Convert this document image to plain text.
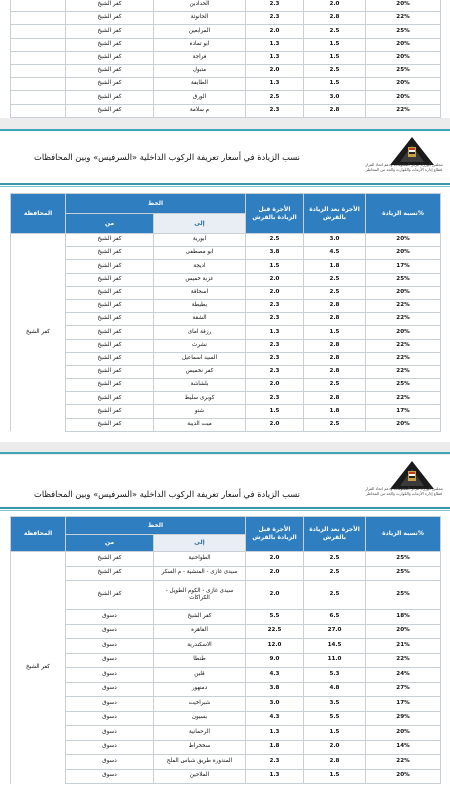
20%	2.0	2.3	الحدادين	كفر الشيخ	
22%	2.8	2.3	الحانوتة	كفر الشيخ	
25%	2.5	2.0	المرابعين	كفر الشيخ	
20%	1.5	1.3	ابو تمادة	كفر الشيخ	
20%	1.5	1.3	فراجة	كفر الشيخ	
25%	2.5	2.0	متبول	كفر الشيخ	
20%	1.5	1.3	الطايفة	كفر الشيخ	
20%	3.0	2.5	الورق	كفر الشيخ	
22%	2.8	2.3	م سلامة	كفر الشيخ	
مجلس الوزراء مركز المعلومات ودعم اتخاذ القرار قطاع إدارة الأزمات والكوارث والحد من المخاطر
نسب الزيادة في أسعار تعريفة الركوب الداخلية «السرفيس» وبين المحافظات
%نسبة الزيادة	الأجرة بعد الزيادة بالقرش	الأجرة قبل الزيادة بالقرش	الخط		المحافظة
			إلى	من	
20%	3.0	2.5	ابورية	كفر الشيخ	كفر الشيخ
20%	4.5	3.8	ابو مصطفى	كفر الشيخ	
17%	1.8	1.5	اديجة	كفر الشيخ	
25%	2.5	2.0	عزبة خميس	كفر الشيخ	
20%	2.5	2.0	اسحاقة	كفر الشيخ	
22%	2.8	2.3	بطيطة	كفر الشيخ	
22%	2.8	2.3	الشقة	كفر الشيخ	
20%	1.5	1.3	رزقة اماى	كفر الشيخ	
22%	2.8	2.3	نشرت	كفر الشيخ	
22%	2.8	2.3	السيد اسماعيل	كفر الشيخ	
22%	2.8	2.3	كفر نخميس	كفر الشيخ	
25%	2.5	2.0	بلشاشة	كفر الشيخ	
22%	2.8	2.3	كوبرى سليط	كفر الشيخ	
17%	1.8	1.5	شنو	كفر الشيخ	
20%	2.5	2.0	ميت الديبة	كفر الشيخ	
مجلس الوزراء مركز المعلومات ودعم اتخاذ القرار قطاع إدارة الأزمات والكوارث والحد من المخاطر
نسب الزيادة في أسعار تعريفة الركوب الداخلية «السرفيس» وبين المحافظات
%نسبة الزيادة	الأجرة بعد الزيادة بالقرش	الأجرة قبل الزيادة بالقرش	الخط		المحافظة
			إلى	من	
25%	2.5	2.0	الطواحنية	كفر الشيخ	كفر الشيخ
25%	2.5	2.0	سيدى غازى - المنشية - م السكر	كفر الشيخ	
25%	2.5	2.0	سيدى غازى - الكوم الطويل - الكراكات	كفر الشيخ	
18%	6.5	5.5	كفر الشيخ	دسوق	
20%	27.0	22.5	القاهرة	دسوق	
21%	14.5	12.0	الاسكندرية	دسوق	
22%	11.0	9.0	طنطا	دسوق	
24%	5.3	4.3	قلين	دسوق	
27%	4.8	3.8	دمنهور	دسوق	
17%	3.5	3.0	شبراخيت	دسوق	
29%	5.5	4.3	بسيون	دسوق	
20%	1.5	1.3	الرحمانية	دسوق	
14%	2.0	1.8	سخخراط	دسوق	
22%	2.8	2.3	المندورة طريق شباس الملح	دسوق	
20%	1.5	1.3	الملاحين	دسوق	
